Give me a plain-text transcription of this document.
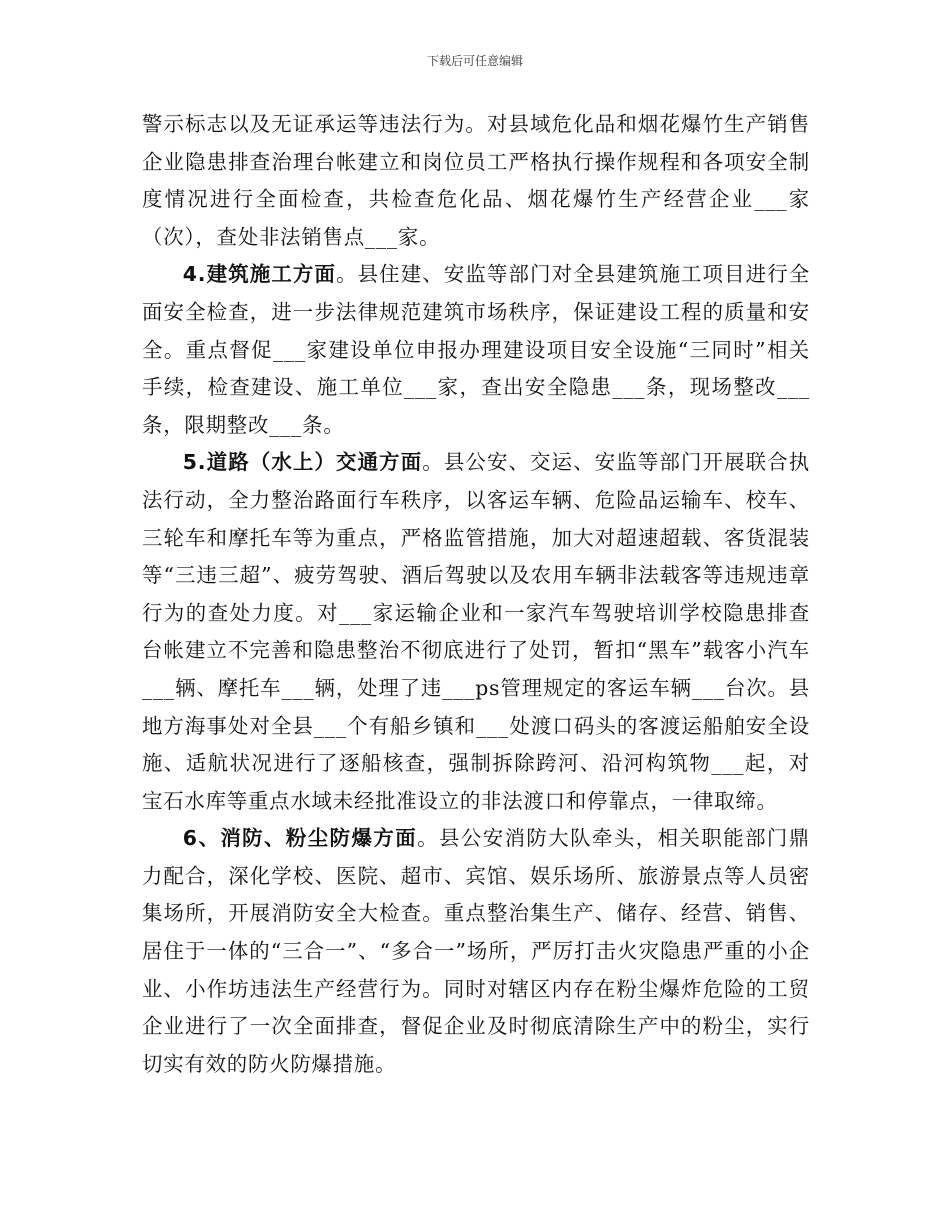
下载后可任意编辑

警示标志以及无证承运等违法行为。对县域危化品和烟花爆竹生产销售企业隐患排查治理台帐建立和岗位员工严格执行操作规程和各项安全制度情况进行全面检查，共检查危化品、烟花爆竹生产经营企业___家（次），查处非法销售点___家。

4.建筑施工方面。县住建、安监等部门对全县建筑施工项目进行全面安全检查，进一步法律规范建筑市场秩序，保证建设工程的质量和安全。重点督促___家建设单位申报办理建设项目安全设施“三同时”相关手续，检查建设、施工单位___家，查出安全隐患___条，现场整改___条，限期整改___条。

5.道路（水上）交通方面。县公安、交运、安监等部门开展联合执法行动，全力整治路面行车秩序，以客运车辆、危险品运输车、校车、三轮车和摩托车等为重点，严格监管措施，加大对超速超载、客货混装等“三违三超”、疲劳驾驶、酒后驾驶以及农用车辆非法载客等违规违章行为的查处力度。对___家运输企业和一家汽车驾驶培训学校隐患排查台帐建立不完善和隐患整治不彻底进行了处罚，暂扣“黑车”载客小汽车___辆、摩托车___辆，处理了违___ps管理规定的客运车辆___台次。县地方海事处对全县___个有船乡镇和___处渡口码头的客渡运船舶安全设施、适航状况进行了逐船核查，强制拆除跨河、沿河构筑物___起，对宝石水库等重点水域未经批准设立的非法渡口和停靠点，一律取缔。

6、消防、粉尘防爆方面。县公安消防大队牵头，相关职能部门鼎力配合，深化学校、医院、超市、宾馆、娱乐场所、旅游景点等人员密集场所，开展消防安全大检查。重点整治集生产、储存、经营、销售、居住于一体的“三合一”、“多合一”场所，严厉打击火灾隐患严重的小企业、小作坊违法生产经营行为。同时对辖区内存在粉尘爆炸危险的工贸企业进行了一次全面排查，督促企业及时彻底清除生产中的粉尘，实行切实有效的防火防爆措施。
